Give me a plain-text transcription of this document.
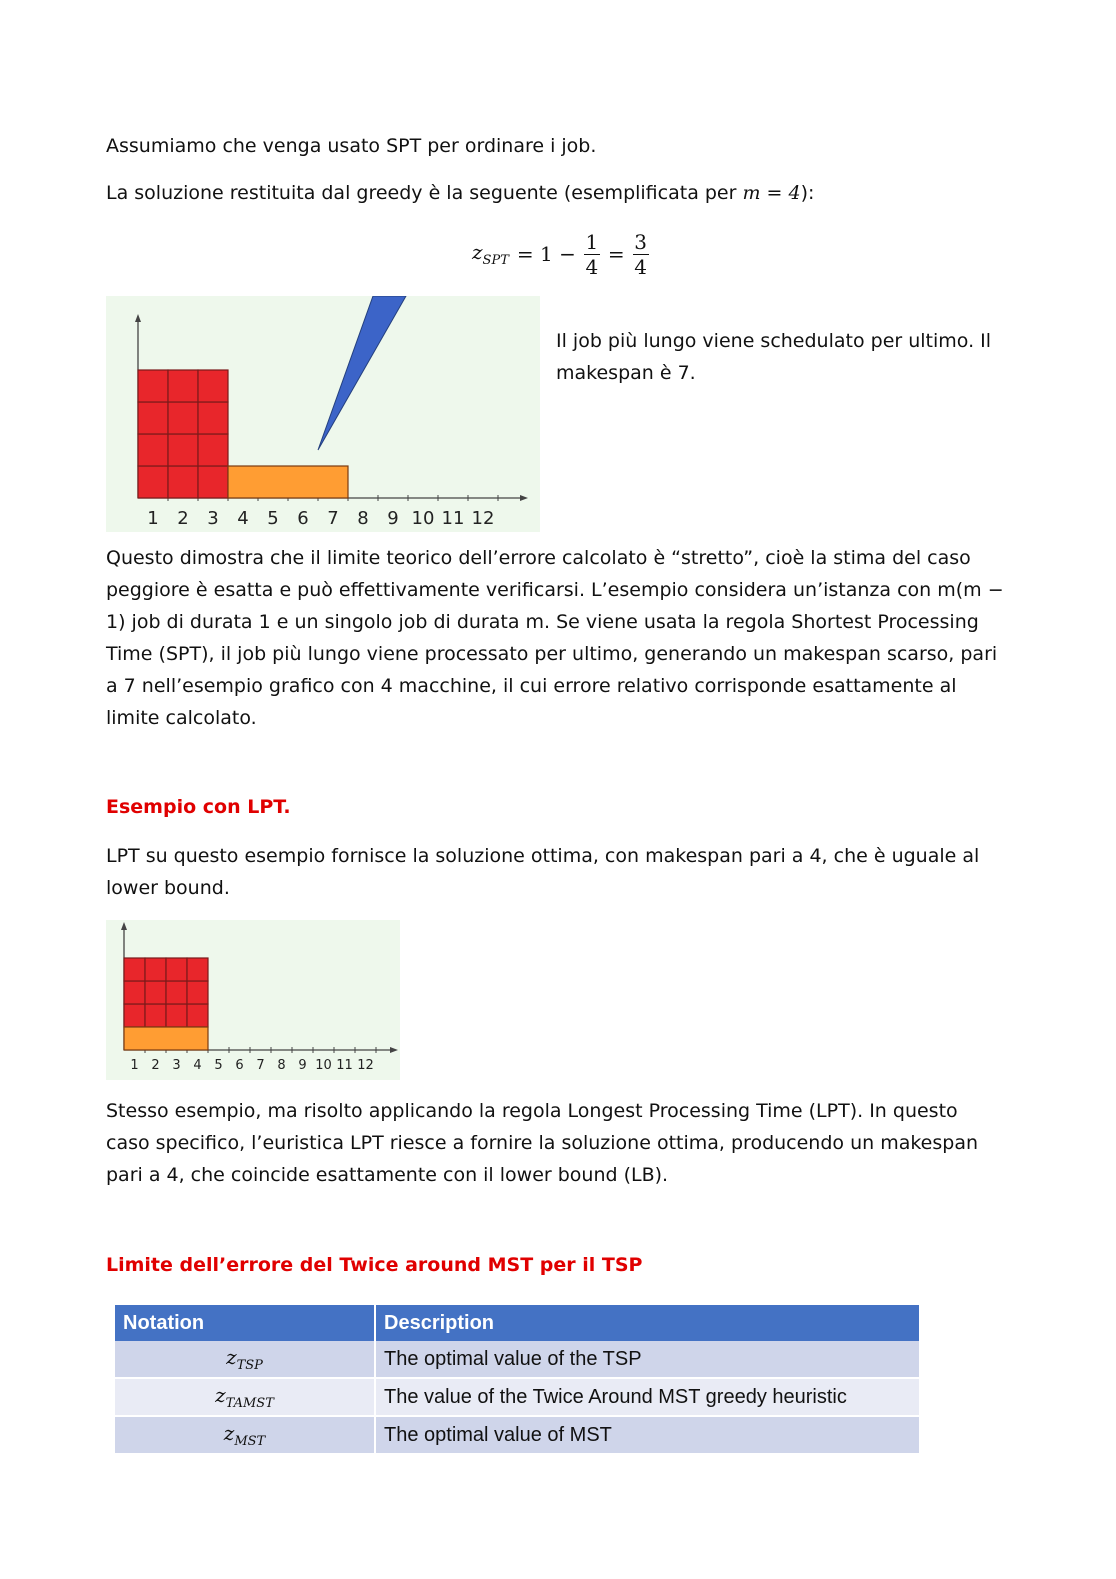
Assumiamo che venga usato SPT per ordinare i job.

La soluzione restituita dal greedy è la seguente (esemplificata per m = 4):

$z_{SPT} = 1 - \frac{1}{4} = \frac{3}{4}$
1 2 3 4 5 6 7 8 9 10 11 12

Il job più lungo viene schedulato per ultimo. Il makespan è 7.

Questo dimostra che il limite teorico dell’errore calcolato è “stretto”, cioè la stima del caso peggiore è esatta e può effettivamente verificarsi. L’esempio considera un’istanza con m(m − 1) job di durata 1 e un singolo job di durata m. Se viene usata la regola Shortest Processing Time (SPT), il job più lungo viene processato per ultimo, generando un makespan scarso, pari a 7 nell’esempio grafico con 4 macchine, il cui errore relativo corrisponde esattamente al limite calcolato.

Esempio con LPT.

LPT su questo esempio fornisce la soluzione ottima, con makespan pari a 4, che è uguale al lower bound.

1 2 3 4 5 6 7 8 9 10 11 12

Stesso esempio, ma risolto applicando la regola Longest Processing Time (LPT). In questo caso specifico, l’euristica LPT riesce a fornire la soluzione ottima, producendo un makespan pari a 4, che coincide esattamente con il lower bound (LB).

Limite dell’errore del Twice around MST per il TSP

Notation	Description
$z_{TSP}$	The optimal value of the TSP
$z_{TAMST}$	The value of the Twice Around MST greedy heuristic
$z_{MST}$	The optimal value of MST
